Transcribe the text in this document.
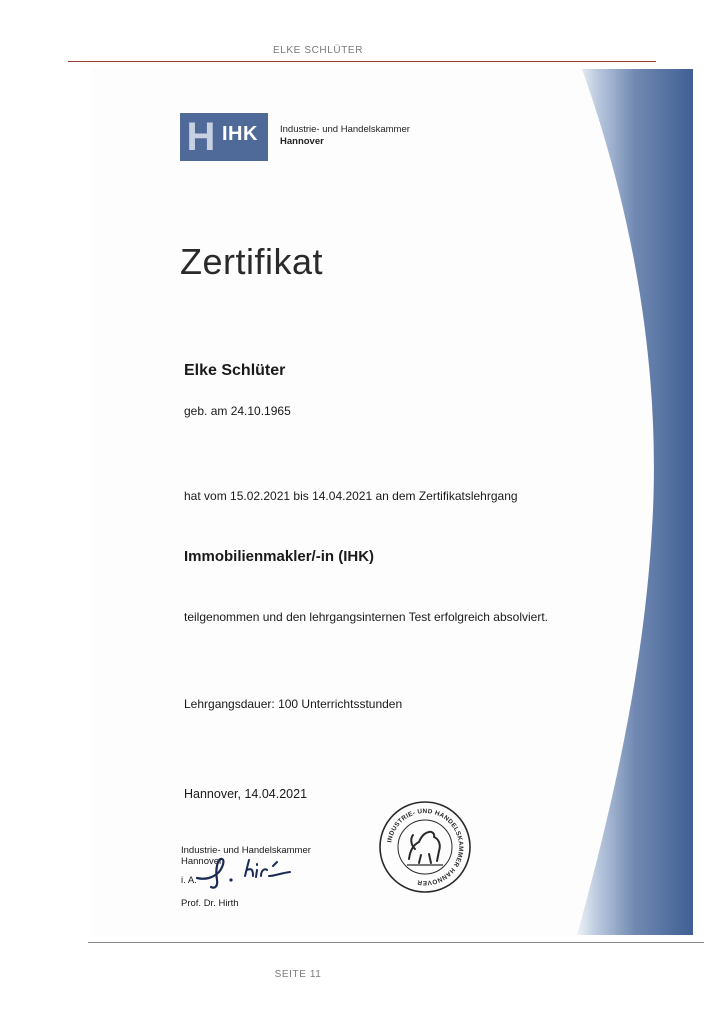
ELKE SCHLÜTER
H IHK Industrie- und Handelskammer
Hannover
Zertifikat
Elke Schlüter
geb. am 24.10.1965
hat vom 15.02.2021 bis 14.04.2021 an dem Zertifikatslehrgang
Immobilienmakler/-in (IHK)
teilgenommen und den lehrgangsinternen Test erfolgreich absolviert.
Lehrgangsdauer: 100 Unterrichtsstunden
Hannover, 14.04.2021
Industrie- und Handelskammer
Hannover
i. A.
Prof. Dr. Hirth
INDUSTRIE- UND HANDELSKAMMER HANNOVER
SEITE 11
